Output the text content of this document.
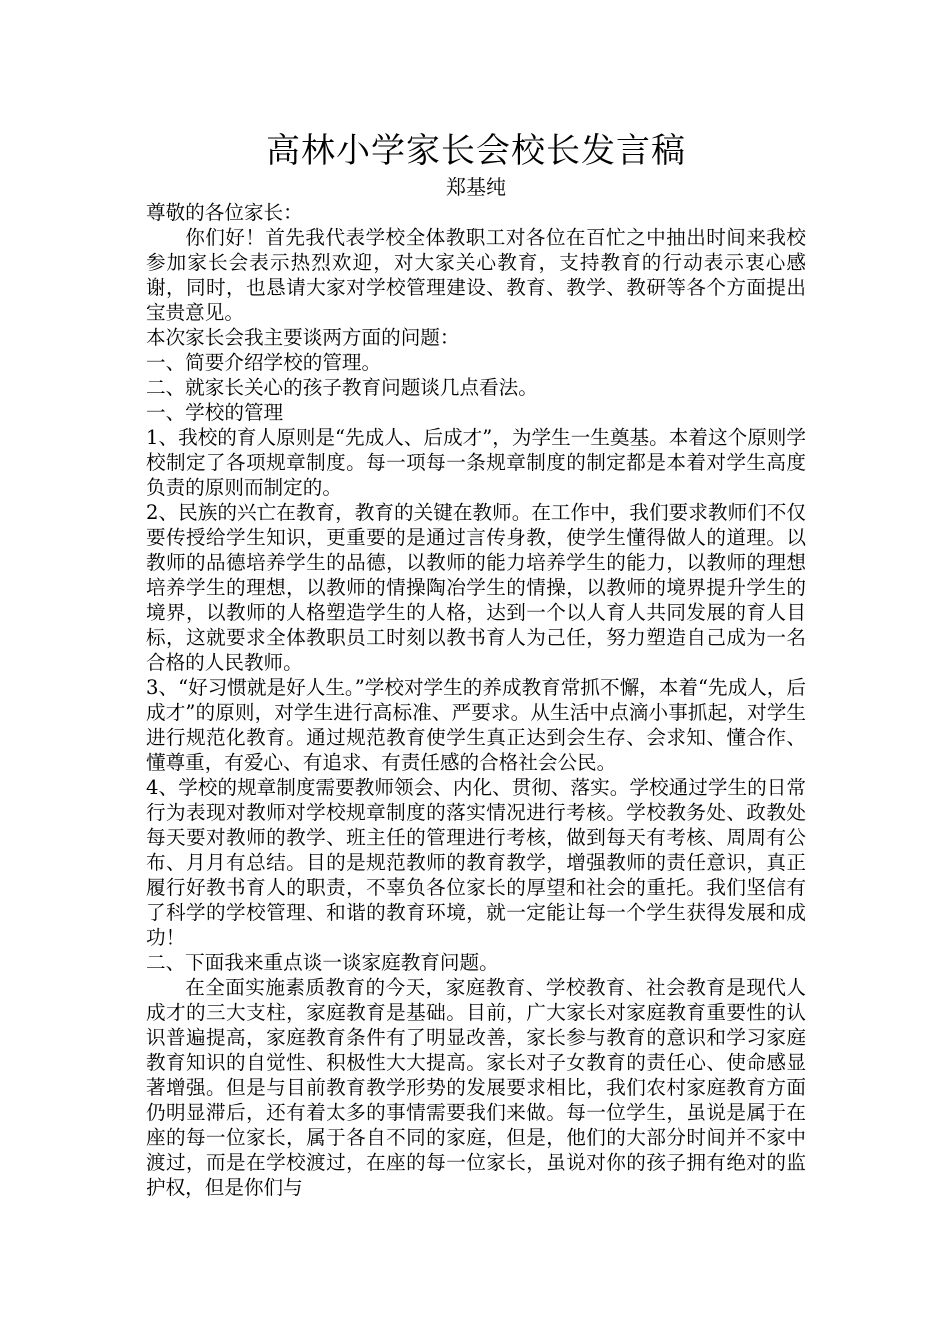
高林小学家长会校长发言稿

郑基纯

尊敬的各位家长：

你们好！首先我代表学校全体教职工对各位在百忙之中抽出时间来我校参加家长会表示热烈欢迎，对大家关心教育，支持教育的行动表示衷心感谢，同时，也恳请大家对学校管理建设、教育、教学、教研等各个方面提出宝贵意见。

本次家长会我主要谈两方面的问题：

一、简要介绍学校的管理。

二、就家长关心的孩子教育问题谈几点看法。

一、学校的管理

1、我校的育人原则是“先成人、后成才”，为学生一生奠基。本着这个原则学校制定了各项规章制度。每一项每一条规章制度的制定都是本着对学生高度负责的原则而制定的。

2、民族的兴亡在教育，教育的关键在教师。在工作中，我们要求教师们不仅要传授给学生知识，更重要的是通过言传身教，使学生懂得做人的道理。以教师的品德培养学生的品德，以教师的能力培养学生的能力，以教师的理想培养学生的理想，以教师的情操陶冶学生的情操，以教师的境界提升学生的境界，以教师的人格塑造学生的人格，达到一个以人育人共同发展的育人目标，这就要求全体教职员工时刻以教书育人为己任，努力塑造自己成为一名合格的人民教师。

3、“好习惯就是好人生。”学校对学生的养成教育常抓不懈，本着“先成人，后成才”的原则，对学生进行高标准、严要求。从生活中点滴小事抓起，对学生进行规范化教育。通过规范教育使学生真正达到会生存、会求知、懂合作、懂尊重，有爱心、有追求、有责任感的合格社会公民。

4、学校的规章制度需要教师领会、内化、贯彻、落实。学校通过学生的日常行为表现对教师对学校规章制度的落实情况进行考核。学校教务处、政教处每天要对教师的教学、班主任的管理进行考核，做到每天有考核、周周有公布、月月有总结。目的是规范教师的教育教学，增强教师的责任意识，真正履行好教书育人的职责，不辜负各位家长的厚望和社会的重托。我们坚信有了科学的学校管理、和谐的教育环境，就一定能让每一个学生获得发展和成功！

二、下面我来重点谈一谈家庭教育问题。

在全面实施素质教育的今天，家庭教育、学校教育、社会教育是现代人成才的三大支柱，家庭教育是基础。目前，广大家长对家庭教育重要性的认识普遍提高，家庭教育条件有了明显改善，家长参与教育的意识和学习家庭教育知识的自觉性、积极性大大提高。家长对子女教育的责任心、使命感显著增强。但是与目前教育教学形势的发展要求相比，我们农村家庭教育方面仍明显滞后，还有着太多的事情需要我们来做。每一位学生，虽说是属于在座的每一位家长，属于各自不同的家庭，但是，他们的大部分时间并不家中渡过，而是在学校渡过，在座的每一位家长，虽说对你的孩子拥有绝对的监护权，但是你们与
